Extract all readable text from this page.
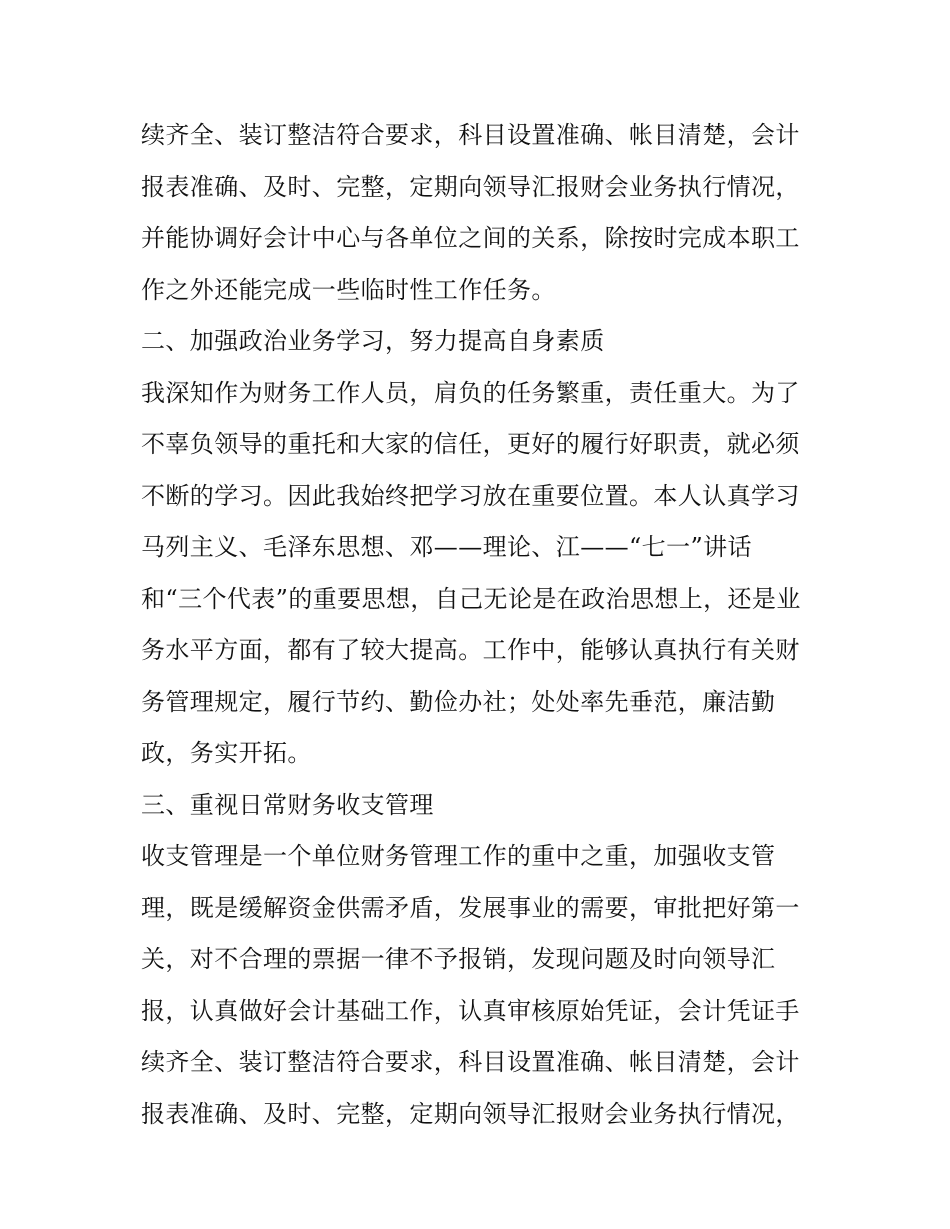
续齐全、装订整洁符合要求，科目设置准确、帐目清楚，会计
报表准确、及时、完整，定期向领导汇报财会业务执行情况，
并能协调好会计中心与各单位之间的关系，除按时完成本职工
作之外还能完成一些临时性工作任务。
二、加强政治业务学习，努力提高自身素质
我深知作为财务工作人员，肩负的任务繁重，责任重大。为了
不辜负领导的重托和大家的信任，更好的履行好职责，就必须
不断的学习。因此我始终把学习放在重要位置。本人认真学习
马列主义、毛泽东思想、邓——理论、江——“七一”讲话
和“三个代表”的重要思想，自己无论是在政治思想上，还是业
务水平方面，都有了较大提高。工作中，能够认真执行有关财
务管理规定，履行节约、勤俭办社；处处率先垂范，廉洁勤
政，务实开拓。
三、重视日常财务收支管理
收支管理是一个单位财务管理工作的重中之重，加强收支管
理，既是缓解资金供需矛盾，发展事业的需要，审批把好第一
关，对不合理的票据一律不予报销，发现问题及时向领导汇
报，认真做好会计基础工作，认真审核原始凭证，会计凭证手
续齐全、装订整洁符合要求，科目设置准确、帐目清楚，会计
报表准确、及时、完整，定期向领导汇报财会业务执行情况，
